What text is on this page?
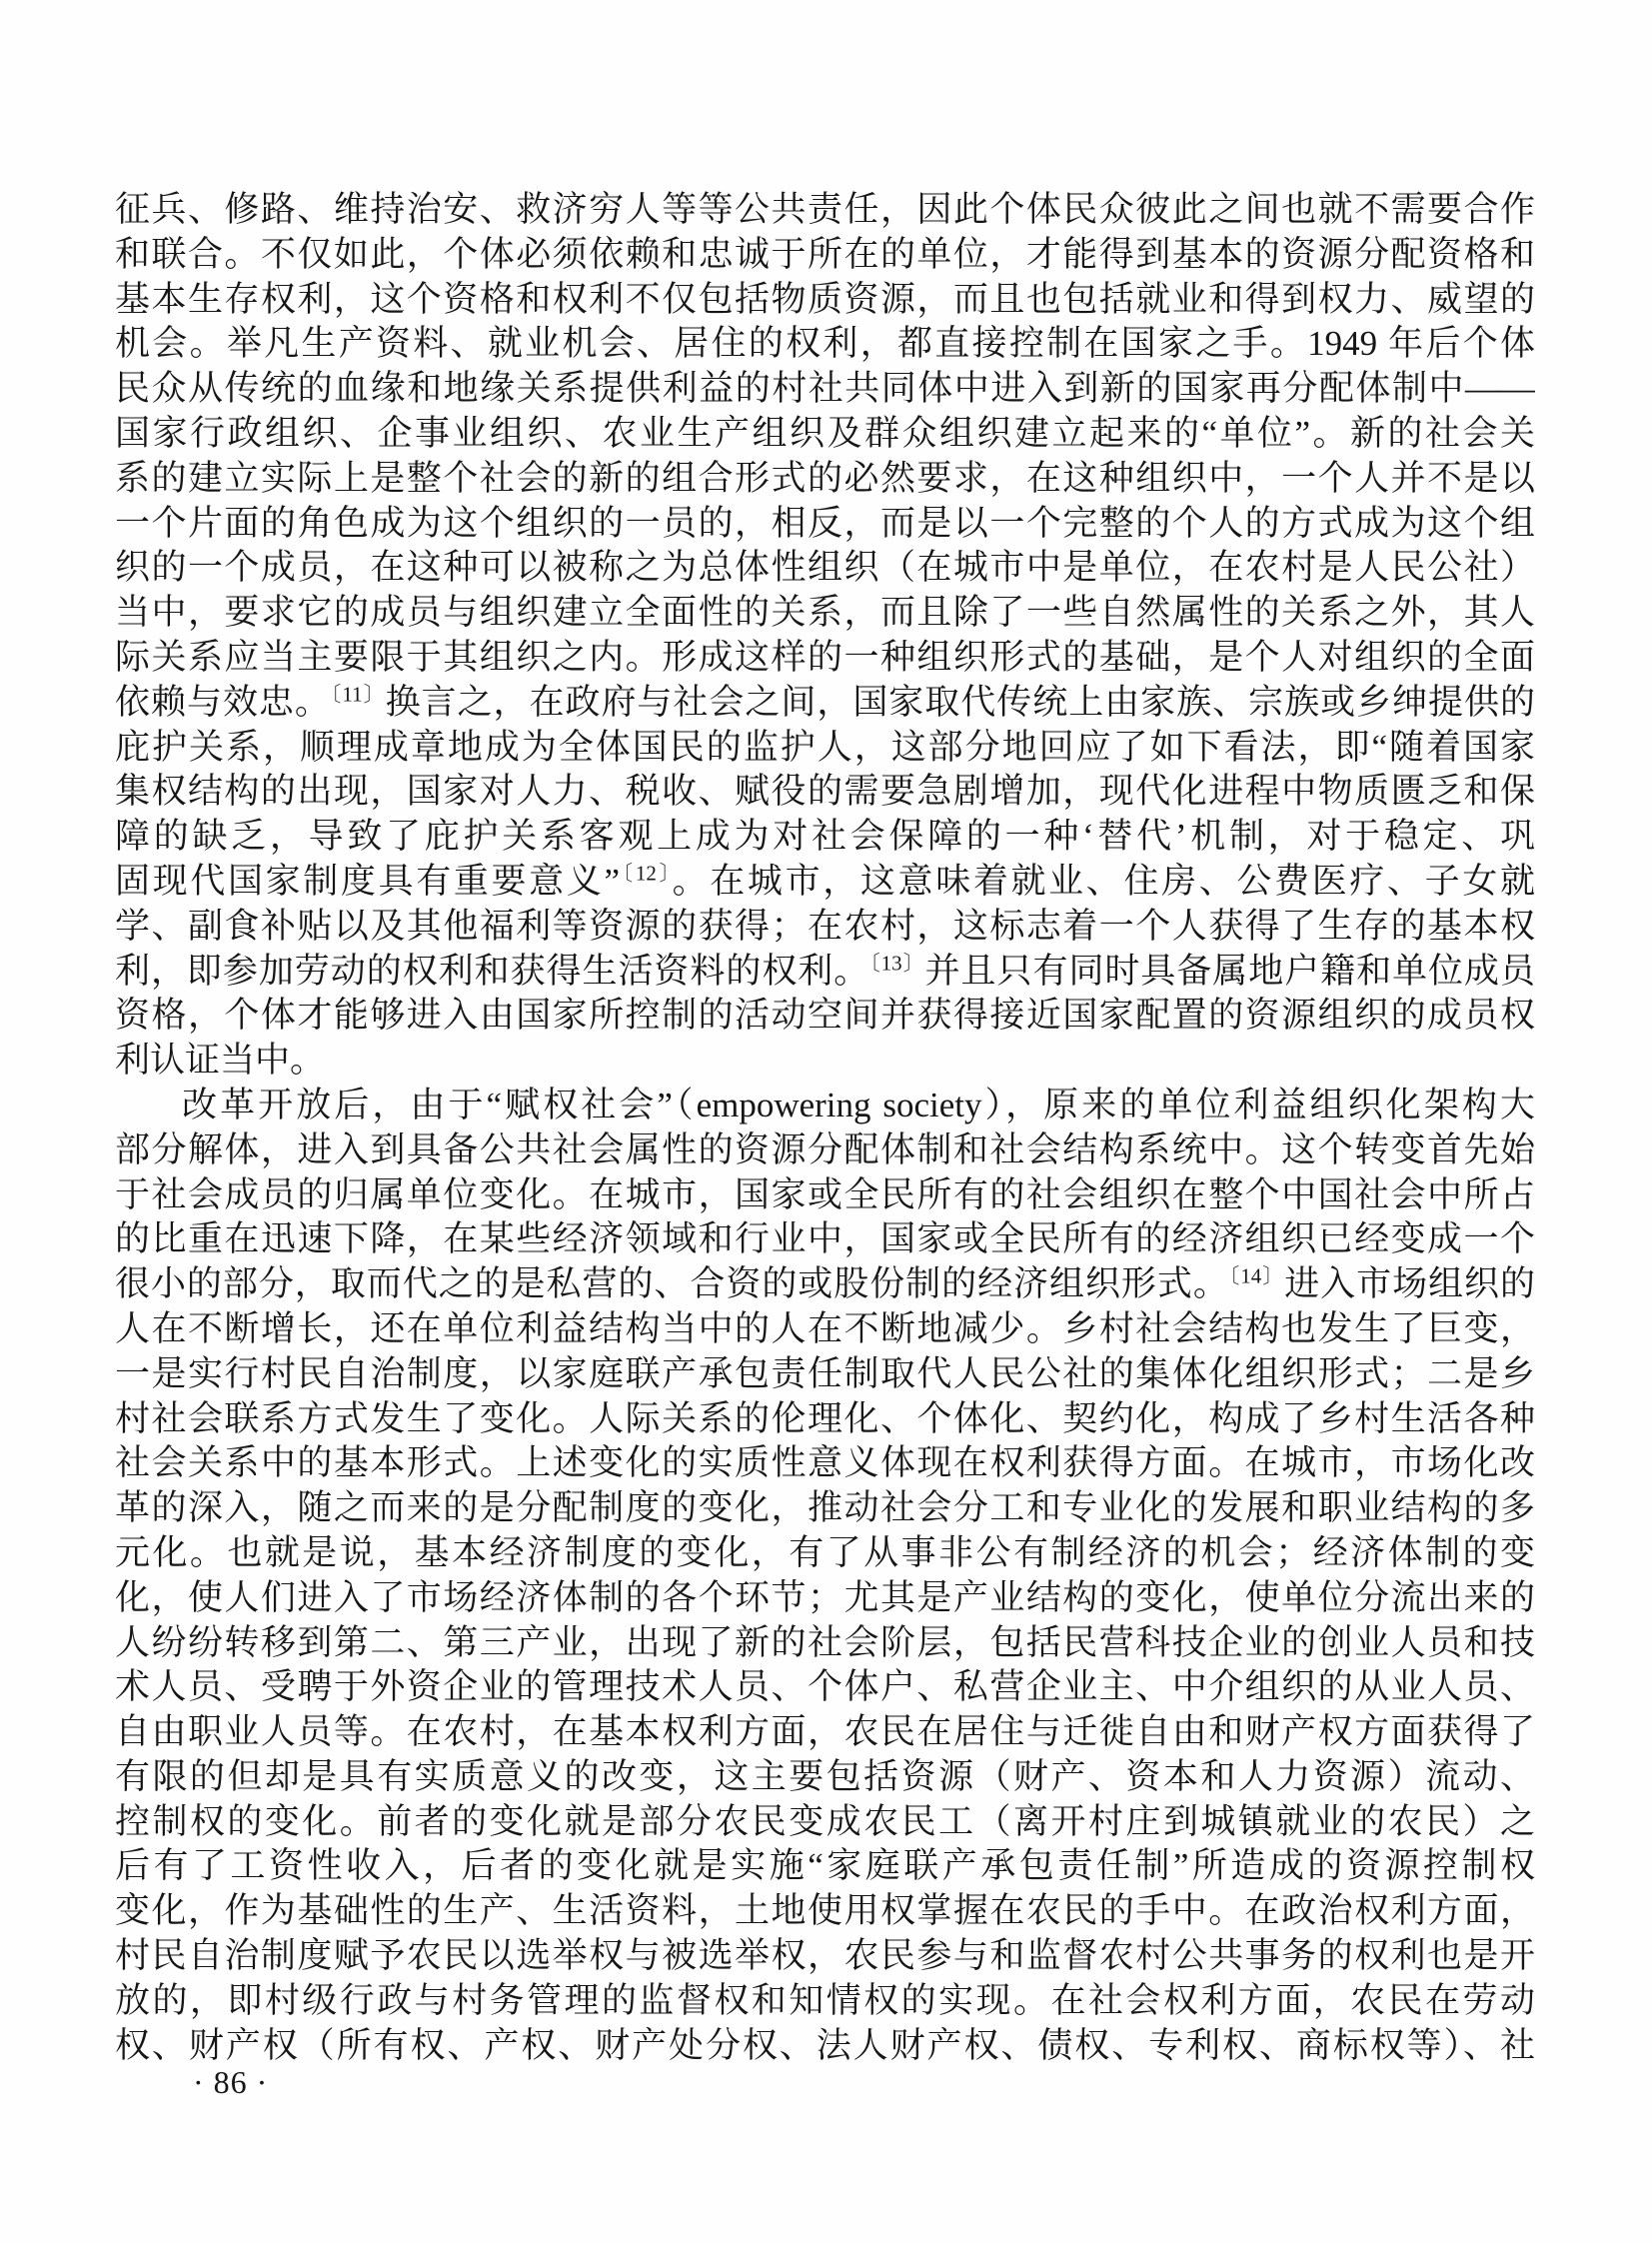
征兵、修路、维持治安、救济穷人等等公共责任，因此个体民众彼此之间也就不需要合作
和联合。不仅如此，个体必须依赖和忠诚于所在的单位，才能得到基本的资源分配资格和
基本生存权利，这个资格和权利不仅包括物质资源，而且也包括就业和得到权力、威望的
机会。举凡生产资料、就业机会、居住的权利，都直接控制在国家之手。1949 年后个体
民众从传统的血缘和地缘关系提供利益的村社共同体中进入到新的国家再分配体制中——
国家行政组织、企事业组织、农业生产组织及群众组织建立起来的“单位”。新的社会关
系的建立实际上是整个社会的新的组合形式的必然要求，在这种组织中，一个人并不是以
一个片面的角色成为这个组织的一员的，相反，而是以一个完整的个人的方式成为这个组
织的一个成员，在这种可以被称之为总体性组织（在城市中是单位，在农村是人民公社）
当中，要求它的成员与组织建立全面性的关系，而且除了一些自然属性的关系之外，其人
际关系应当主要限于其组织之内。形成这样的一种组织形式的基础，是个人对组织的全面
依赖与效忠。$^{〔11〕}$换言之，在政府与社会之间，国家取代传统上由家族、宗族或乡绅提供的
庇护关系，顺理成章地成为全体国民的监护人，这部分地回应了如下看法，即“随着国家
集权结构的出现，国家对人力、税收、赋役的需要急剧增加，现代化进程中物质匮乏和保
障的缺乏，导致了庇护关系客观上成为对社会保障的一种‘替代’机制，对于稳定、巩
固现代国家制度具有重要意义”$^{〔12〕}$。在城市，这意味着就业、住房、公费医疗、子女就
学、副食补贴以及其他福利等资源的获得；在农村，这标志着一个人获得了生存的基本权
利，即参加劳动的权利和获得生活资料的权利。$^{〔13〕}$并且只有同时具备属地户籍和单位成员
资格，个体才能够进入由国家所控制的活动空间并获得接近国家配置的资源组织的成员权
利认证当中。
改革开放后，由于“赋权社会”（empowering society），原来的单位利益组织化架构大
部分解体，进入到具备公共社会属性的资源分配体制和社会结构系统中。这个转变首先始
于社会成员的归属单位变化。在城市，国家或全民所有的社会组织在整个中国社会中所占
的比重在迅速下降，在某些经济领域和行业中，国家或全民所有的经济组织已经变成一个
很小的部分，取而代之的是私营的、合资的或股份制的经济组织形式。$^{〔14〕}$进入市场组织的
人在不断增长，还在单位利益结构当中的人在不断地减少。乡村社会结构也发生了巨变，
一是实行村民自治制度，以家庭联产承包责任制取代人民公社的集体化组织形式；二是乡
村社会联系方式发生了变化。人际关系的伦理化、个体化、契约化，构成了乡村生活各种
社会关系中的基本形式。上述变化的实质性意义体现在权利获得方面。在城市，市场化改
革的深入，随之而来的是分配制度的变化，推动社会分工和专业化的发展和职业结构的多
元化。也就是说，基本经济制度的变化，有了从事非公有制经济的机会；经济体制的变
化，使人们进入了市场经济体制的各个环节；尤其是产业结构的变化，使单位分流出来的
人纷纷转移到第二、第三产业，出现了新的社会阶层，包括民营科技企业的创业人员和技
术人员、受聘于外资企业的管理技术人员、个体户、私营企业主、中介组织的从业人员、
自由职业人员等。在农村，在基本权利方面，农民在居住与迁徙自由和财产权方面获得了
有限的但却是具有实质意义的改变，这主要包括资源（财产、资本和人力资源）流动、
控制权的变化。前者的变化就是部分农民变成农民工（离开村庄到城镇就业的农民）之
后有了工资性收入，后者的变化就是实施“家庭联产承包责任制”所造成的资源控制权
变化，作为基础性的生产、生活资料，土地使用权掌握在农民的手中。在政治权利方面，
村民自治制度赋予农民以选举权与被选举权，农民参与和监督农村公共事务的权利也是开
放的，即村级行政与村务管理的监督权和知情权的实现。在社会权利方面，农民在劳动
权、财产权（所有权、产权、财产处分权、法人财产权、债权、专利权、商标权等）、社
· 86 ·
